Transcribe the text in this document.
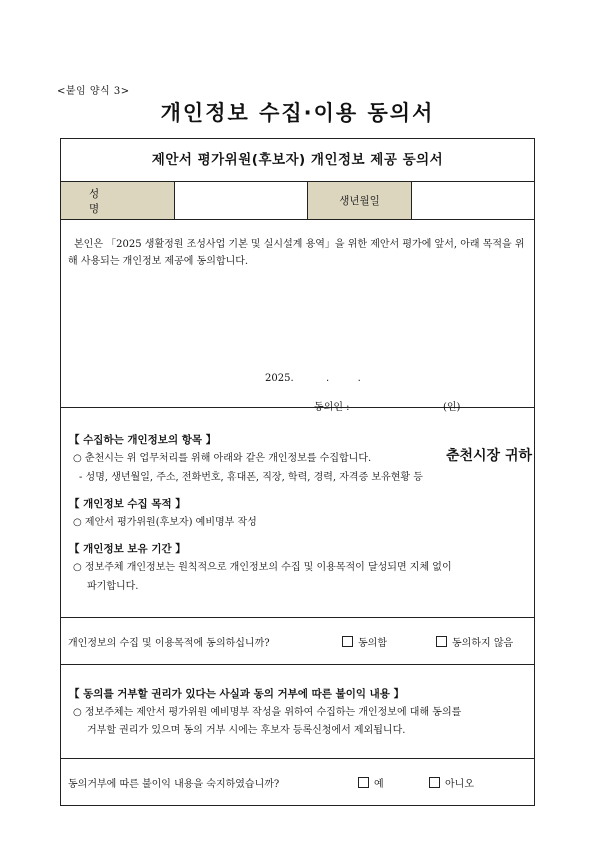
<붙임 양식 3>
개인정보 수집·이용 동의서
제안서 평가위원(후보자) 개인정보 제공 동의서
성 명
생년월일
본인은 「2025 생활정원 조성사업 기본 및 실시설계 용역」을 위한 제안서 평가에 앞서, 아래 목적을 위해 사용되는 개인정보 제공에 동의합니다.
2025.	.	.
동의인 :	(인)
춘천시장 귀하
【 수집하는 개인정보의 항목 】
○ 춘천시는 위 업무처리를 위해 아래와 같은 개인정보를 수집합니다.
- 성명, 생년월일, 주소, 전화번호, 휴대폰, 직장, 학력, 경력, 자격증 보유현황 등
【 개인정보 수집 목적 】
○ 제안서 평가위원(후보자) 예비명부 작성
【 개인정보 보유 기간 】
○ 정보주체 개인정보는 원칙적으로 개인정보의 수집 및 이용목적이 달성되면 지체 없이
파기합니다.
개인정보의 수집 및 이용목적에 동의하십니까?	동의함	동의하지 않음
【 동의를 거부할 권리가 있다는 사실과 동의 거부에 따른 불이익 내용 】
○ 정보주체는 제안서 평가위원 예비명부 작성을 위하여 수집하는 개인정보에 대해 동의를
거부할 권리가 있으며 동의 거부 시에는 후보자 등록신청에서 제외됩니다.
동의거부에 따른 불이익 내용을 숙지하였습니까?	예	아니오
